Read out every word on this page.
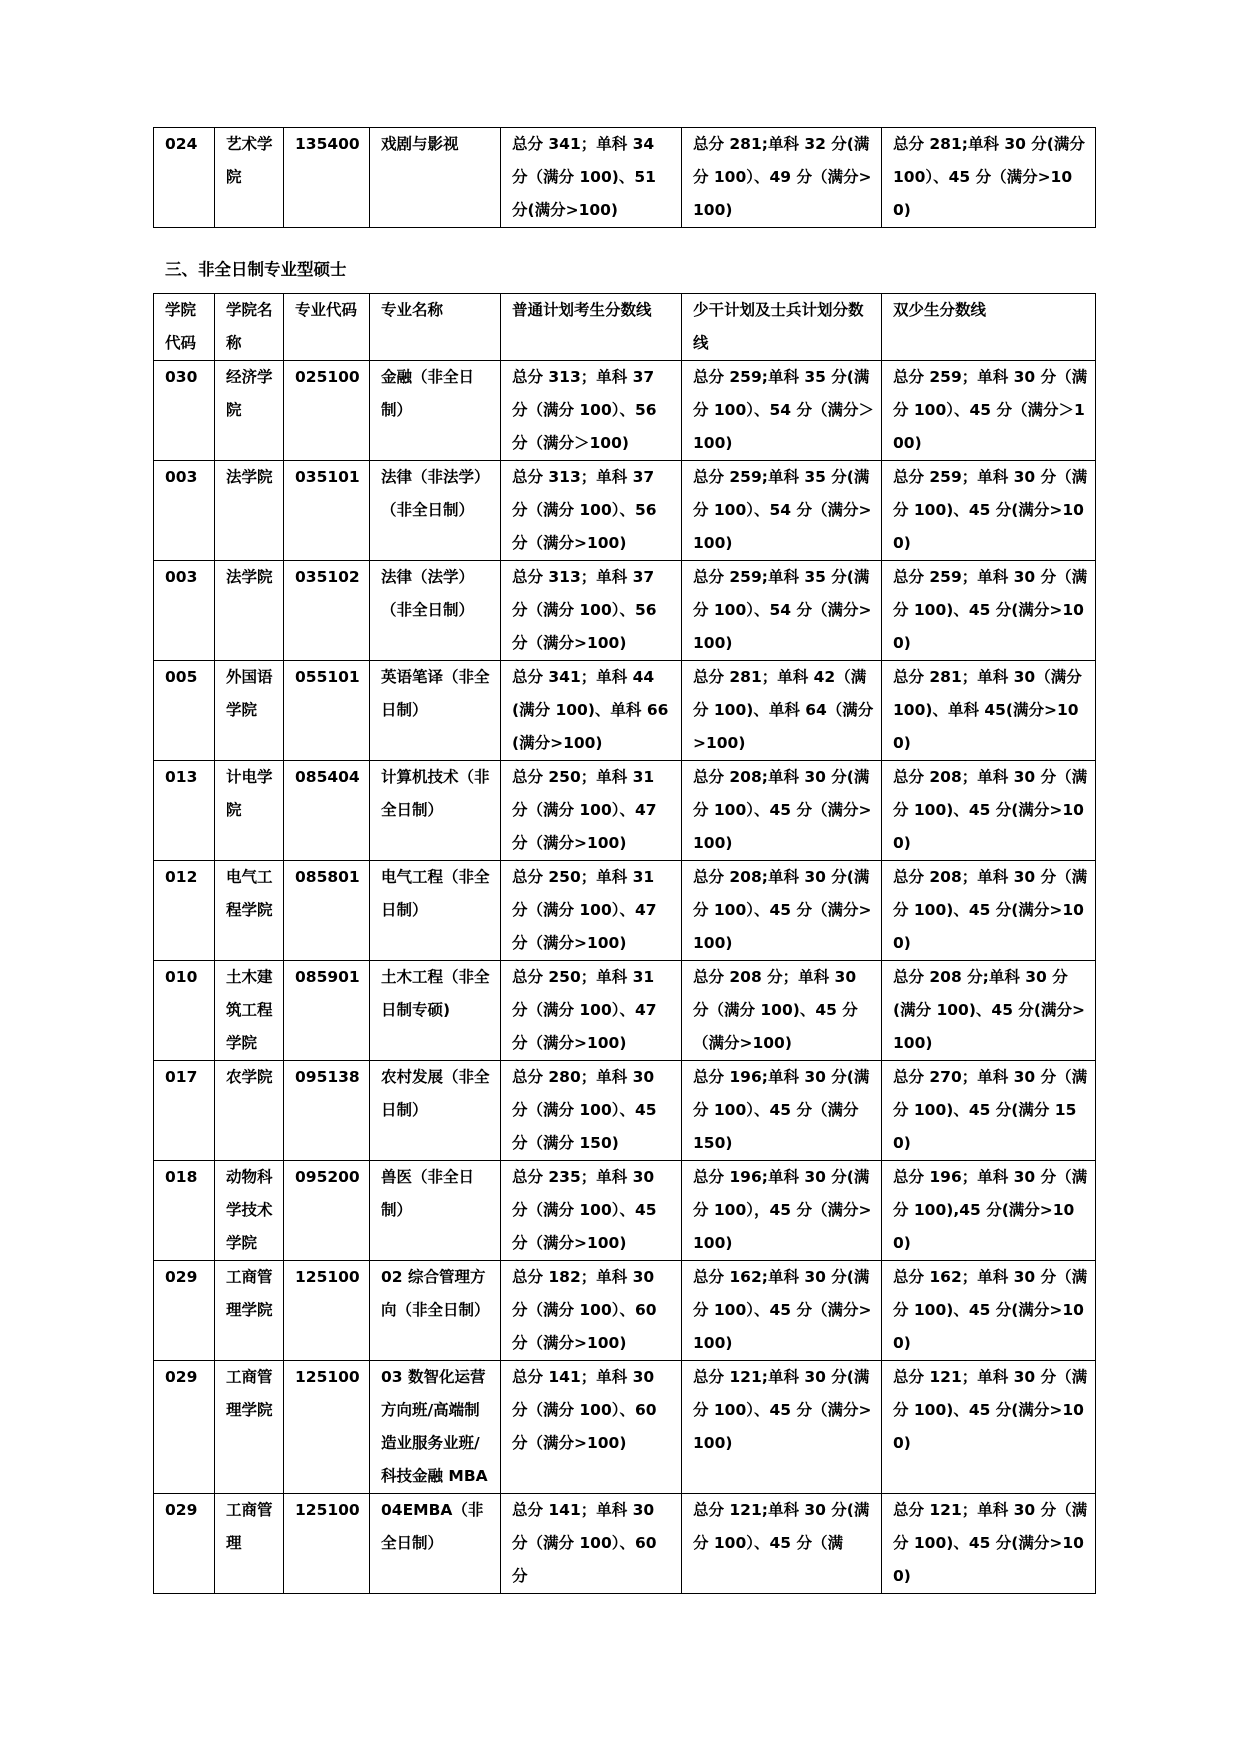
024	艺术学院	135400	戏剧与影视	总分 341；单科 34 分（满分 100)、51 分(满分>100)	总分 281;单科 32 分(满分 100）、49 分（满分>100)	总分 281;单科 30 分(满分 100）、45 分（满分>100)
三、非全日制专业型硕士
学院代码	学院名称	专业代码	专业名称	普通计划考生分数线	少干计划及士兵计划分数线	双少生分数线
030	经济学院	025100	金融（非全日制）	总分 313；单科 37 分（满分 100）、56 分（满分＞100)	总分 259;单科 35 分(满分 100）、54 分（满分＞100)	总分 259；单科 30 分（满分 100）、45 分（满分＞100)
003	法学院	035101	法律（非法学）（非全日制）	总分 313；单科 37 分（满分 100）、56 分（满分>100)	总分 259;单科 35 分(满分 100）、54 分（满分>100)	总分 259；单科 30 分（满分 100)、45 分(满分>100)
003	法学院	035102	法律（法学）（非全日制）	总分 313；单科 37 分（满分 100）、56 分（满分>100)	总分 259;单科 35 分(满分 100）、54 分（满分>100)	总分 259；单科 30 分（满分 100)、45 分(满分>100)
005	外国语学院	055101	英语笔译（非全日制）	总分 341；单科 44(满分 100)、单科 66(满分>100)	总分 281；单科 42（满分 100)、单科 64（满分>100)	总分 281；单科 30（满分 100)、单科 45(满分>100)
013	计电学院	085404	计算机技术（非全日制）	总分 250；单科 31 分（满分 100）、47 分（满分>100)	总分 208;单科 30 分(满分 100）、45 分（满分>100)	总分 208；单科 30 分（满分 100)、45 分(满分>100)
012	电气工程学院	085801	电气工程（非全日制）	总分 250；单科 31 分（满分 100）、47 分（满分>100)	总分 208;单科 30 分(满分 100）、45 分（满分>100)	总分 208；单科 30 分（满分 100)、45 分(满分>100)
010	土木建筑工程学院	085901	土木工程（非全日制专硕)	总分 250；单科 31 分（满分 100）、47 分（满分>100)	总分 208 分；单科 30 分（满分 100)、45 分（满分>100)	总分 208 分;单科 30 分(满分 100)、45 分(满分>100)
017	农学院	095138	农村发展（非全日制）	总分 280；单科 30 分（满分 100）、45 分（满分 150)	总分 196;单科 30 分(满分 100）、45 分（满分 150)	总分 270；单科 30 分（满分 100)、45 分(满分 150)
018	动物科学技术学院	095200	兽医（非全日制）	总分 235；单科 30 分（满分 100）、45 分（满分>100)	总分 196;单科 30 分(满分 100），45 分（满分>100)	总分 196；单科 30 分（满分 100),45 分(满分>100)
029	工商管理学院	125100	02 综合管理方向（非全日制）	总分 182；单科 30 分（满分 100）、60 分（满分>100)	总分 162;单科 30 分(满分 100）、45 分（满分>100)	总分 162；单科 30 分（满分 100)、45 分(满分>100)
029	工商管理学院	125100	03 数智化运营方向班/高端制造业服务业班/科技金融 MBA	总分 141；单科 30 分（满分 100）、60 分（满分>100)	总分 121;单科 30 分(满分 100）、45 分（满分>100)	总分 121；单科 30 分（满分 100)、45 分(满分>100)
029	工商管理	125100	04EMBA（非全日制）	总分 141；单科 30 分（满分 100）、60 分	总分 121;单科 30 分(满分 100）、45 分（满	总分 121；单科 30 分（满分 100)、45 分(满分>100)
